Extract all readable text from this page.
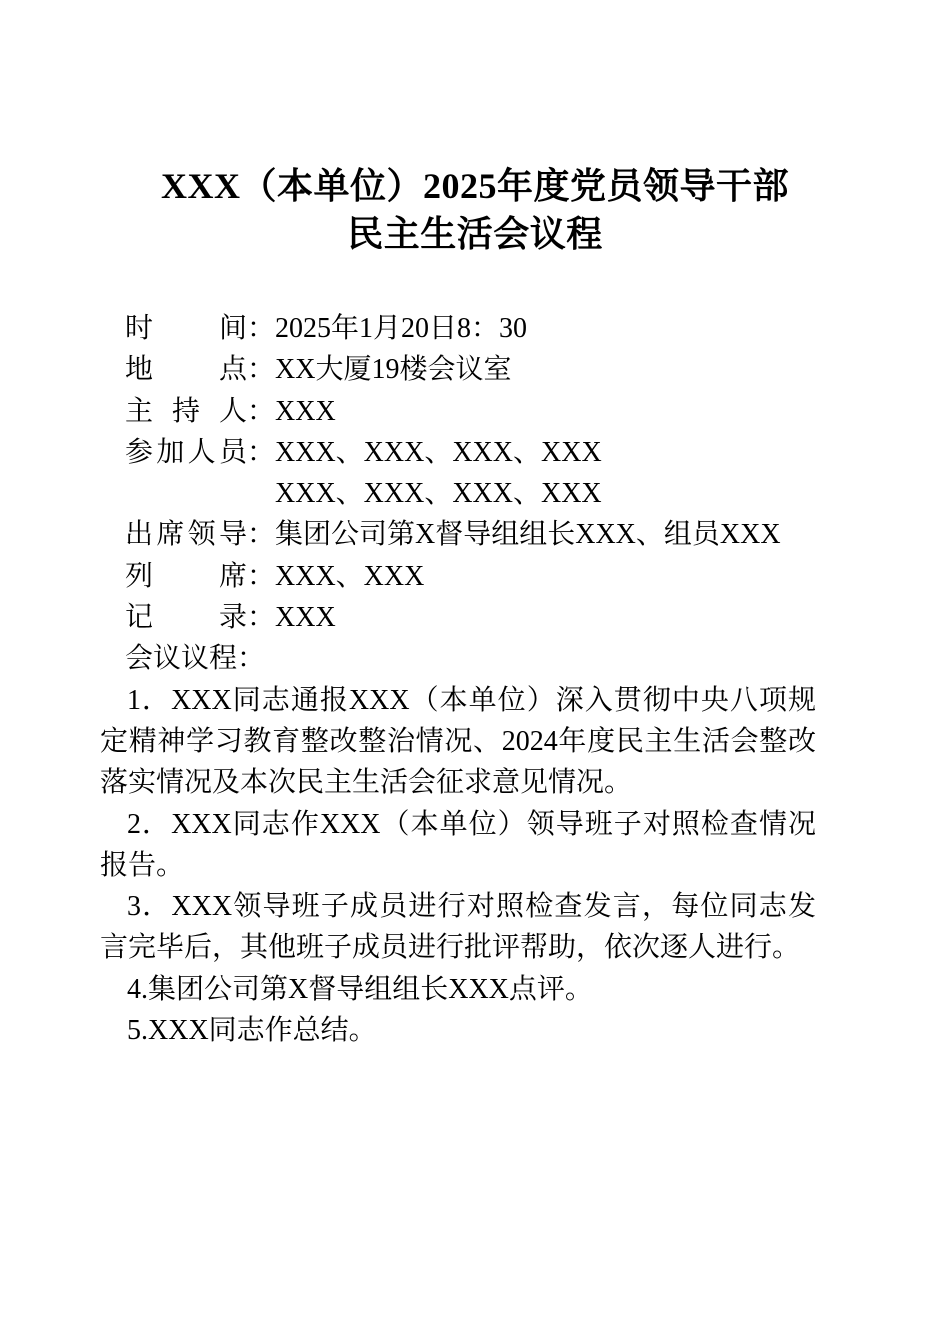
XXX（本单位）2025年度党员领导干部
民主生活会议程
时间：2025年1月20日8：30
地点：XX大厦19楼会议室
主持人：XXX
参加人员：XXX、XXX、XXX、XXX
XXX、XXX、XXX、XXX
出席领导：集团公司第X督导组组长XXX、组员XXX
列席：XXX、XXX
记录：XXX
会议议程：

1．XXX同志通报XXX（本单位）深入贯彻中央八项规定精神学习教育整改整治情况、2024年度民主生活会整改落实情况及本次民主生活会征求意见情况。

2．XXX同志作XXX（本单位）领导班子对照检查情况报告。

3．XXX领导班子成员进行对照检查发言，每位同志发言完毕后，其他班子成员进行批评帮助，依次逐人进行。

4.集团公司第X督导组组长XXX点评。

5.XXX同志作总结。
